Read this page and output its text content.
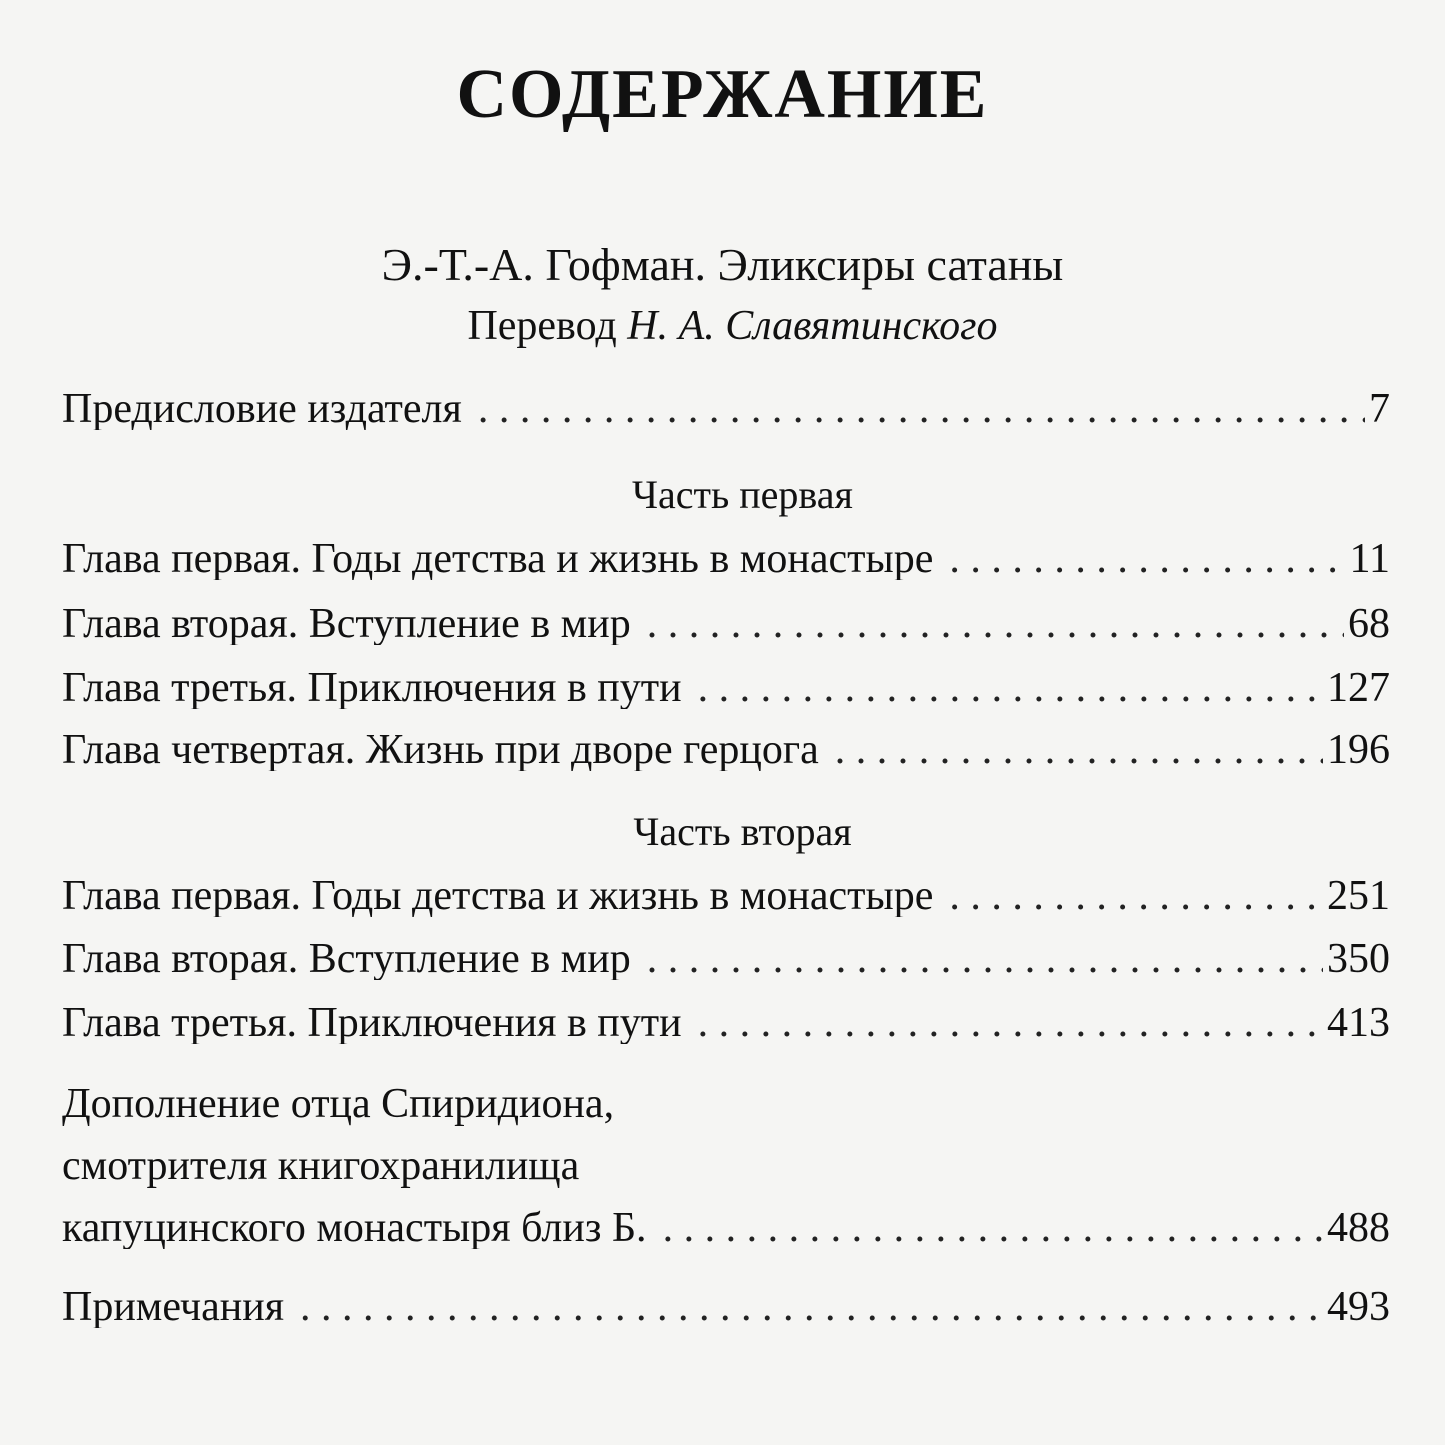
СОДЕРЖАНИЕ
Э.-Т.-А. Гофман. Эликсиры сатаны
Перевод Н. А. Славятинского
Предисловие издателя . . .	7
Часть первая
Глава первая. Годы детства и жизнь в монастыре . . .	11
Глава вторая. Вступление в мир . . .	68
Глава третья. Приключения в пути . . .	127
Глава четвертая. Жизнь при дворе герцога . . .	196
Часть вторая
Глава первая. Годы детства и жизнь в монастыре . . .	251
Глава вторая. Вступление в мир . . .	350
Глава третья. Приключения в пути . . .	413
Дополнение отца Спиридиона,
смотрителя книгохранилища
капуцинского монастыря близ Б. . . .	488
Примечания . . .	493
